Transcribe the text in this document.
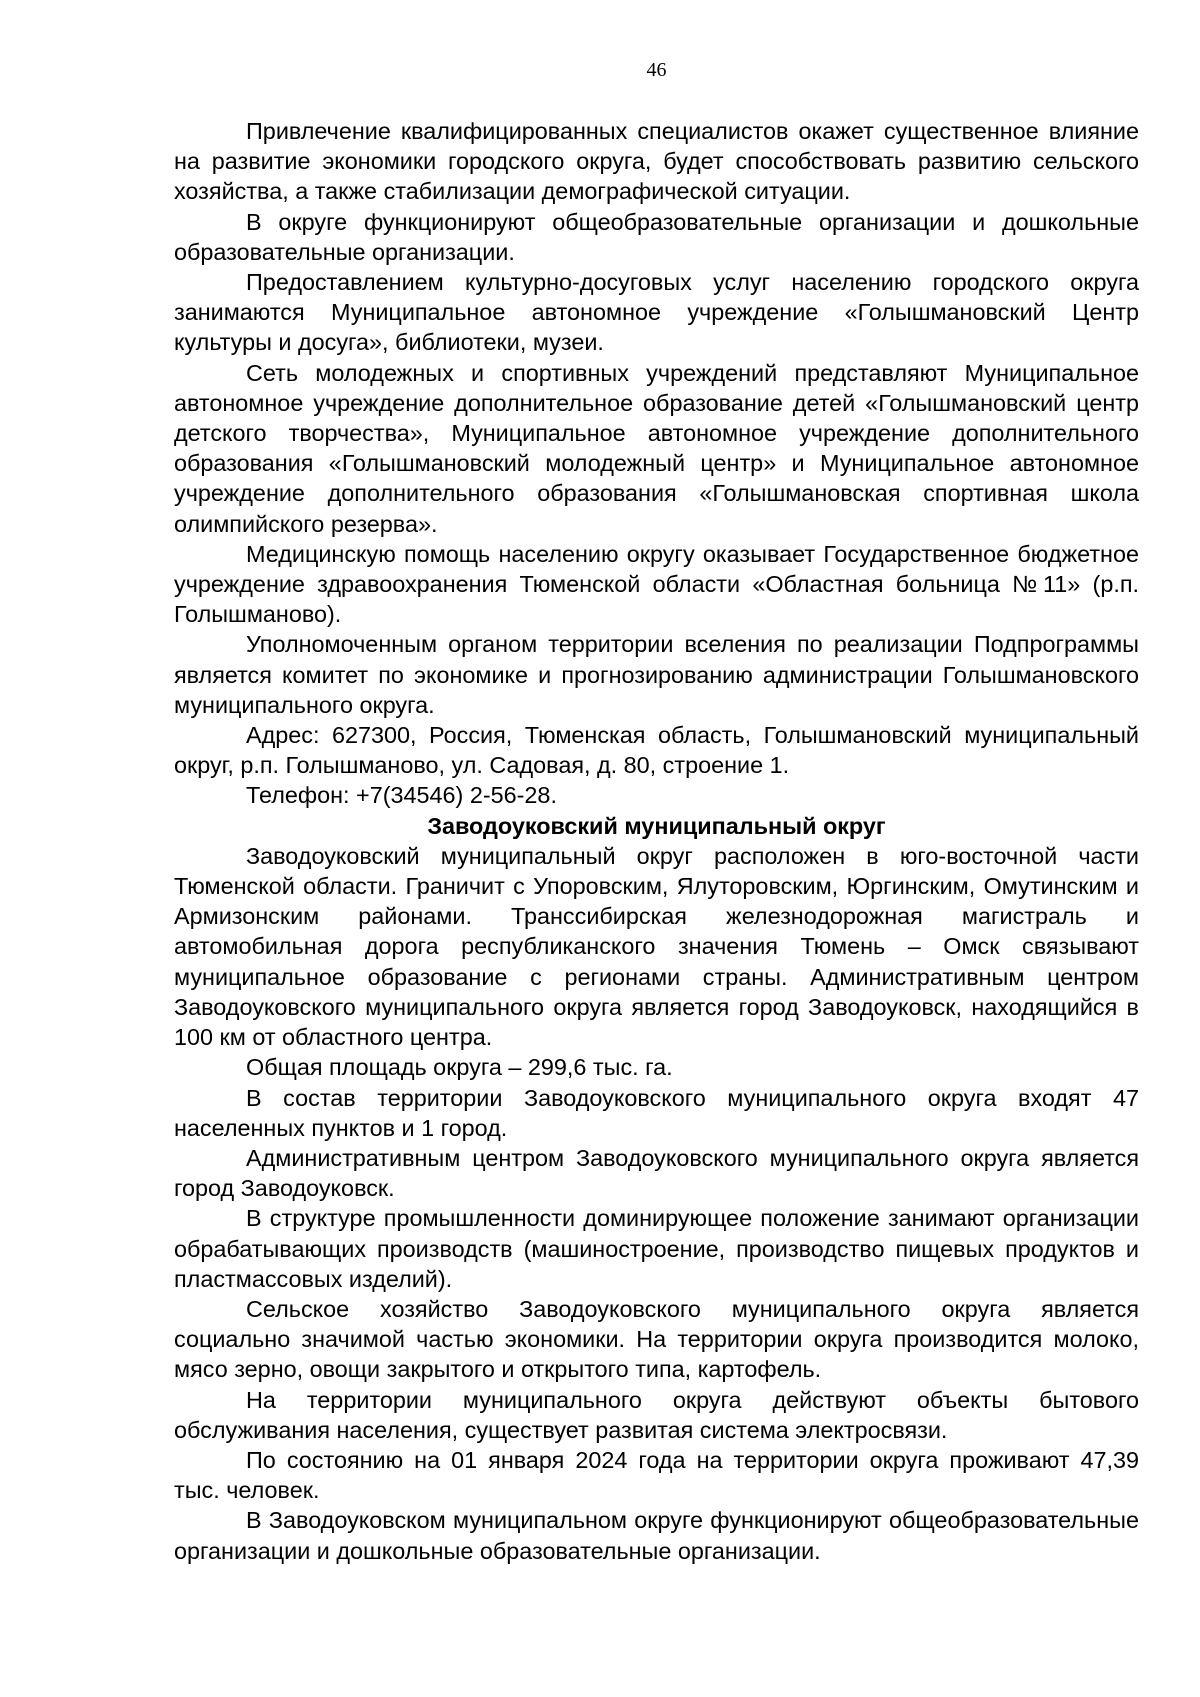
46

Привлечение квалифицированных специалистов окажет существенное влияние на развитие экономики городского округа, будет способствовать развитию сельского хозяйства, а также стабилизации демографической ситуации.

В округе функционируют общеобразовательные организации и дошкольные образовательные организации.

Предоставлением культурно-досуговых услуг населению городского округа занимаются Муниципальное автономное учреждение «Голышмановский Центр культуры и досуга», библиотеки, музеи.

Сеть молодежных и спортивных учреждений представляют Муниципальное автономное учреждение дополнительное образование детей «Голышмановский центр детского творчества», Муниципальное автономное учреждение дополнительного образования «Голышмановский молодежный центр» и Муниципальное автономное учреждение дополнительного образования «Голышмановская спортивная школа олимпийского резерва».

Медицинскую помощь населению округу оказывает Государственное бюджетное учреждение здравоохранения Тюменской области «Областная больница №11» (р.п. Голышманово).

Уполномоченным органом территории вселения по реализации Подпрограммы является комитет по экономике и прогнозированию администрации Голышмановского муниципального округа.

Адрес: 627300, Россия, Тюменская область, Голышмановский муниципальный округ, р.п. Голышманово, ул. Садовая, д. 80, строение 1.

Телефон: +7(34546) 2-56-28.

Заводоуковский муниципальный округ

Заводоуковский муниципальный округ расположен в юго-восточной части Тюменской области. Граничит с Упоровским, Ялуторовским, Юргинским, Омутинским и Армизонским районами. Транссибирская железнодорожная магистраль и автомобильная дорога республиканского значения Тюмень – Омск связывают муниципальное образование с регионами страны. Административным центром Заводоуковского муниципального округа является город Заводоуковск, находящийся в 100 км от областного центра.

Общая площадь округа – 299,6 тыс. га.

В состав территории Заводоуковского муниципального округа входят 47 населенных пунктов и 1 город.

Административным центром Заводоуковского муниципального округа является город Заводоуковск.

В структуре промышленности доминирующее положение занимают организации обрабатывающих производств (машиностроение, производство пищевых продуктов и пластмассовых изделий).

Сельское хозяйство Заводоуковского муниципального округа является социально значимой частью экономики. На территории округа производится молоко, мясо зерно, овощи закрытого и открытого типа, картофель.

На территории муниципального округа действуют объекты бытового обслуживания населения, существует развитая система электросвязи.

По состоянию на 01 января 2024 года на территории округа проживают 47,39 тыс. человек.

В Заводоуковском муниципальном округе функционируют общеобразовательные организации и дошкольные образовательные организации.
